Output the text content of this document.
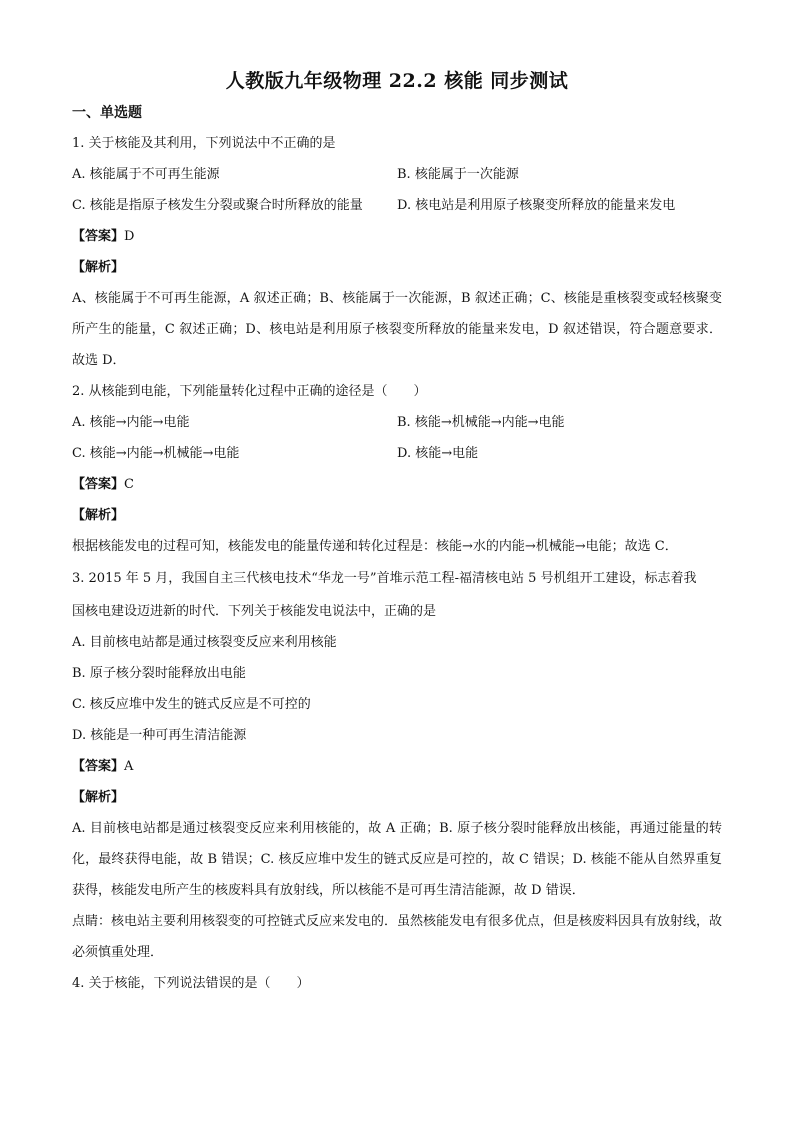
人教版九年级物理 22.2 核能 同步测试
一、单选题
1. 关于核能及其利用，下列说法中不正确的是
A. 核能属于不可再生能源	B. 核能属于一次能源
C. 核能是指原子核发生分裂或聚合时所释放的能量	D. 核电站是利用原子核聚变所释放的能量来发电
【答案】D
【解析】
A、核能属于不可再生能源，A 叙述正确；B、核能属于一次能源，B 叙述正确；C、核能是重核裂变或轻核聚变所产生的能量，C 叙述正确；D、核电站是利用原子核裂变所释放的能量来发电，D 叙述错误，符合题意要求．故选 D．
2. 从核能到电能，下列能量转化过程中正确的途径是（　　）
A. 核能→内能→电能	B. 核能→机械能→内能→电能
C. 核能→内能→机械能→电能	D. 核能→电能
【答案】C
【解析】
根据核能发电的过程可知，核能发电的能量传递和转化过程是：核能→水的内能→机械能→电能；故选 C．
3. 2015 年 5 月，我国自主三代核电技术“华龙一号”首堆示范工程-福清核电站 5 号机组开工建设，标志着我
国核电建设迈进新的时代．下列关于核能发电说法中，正确的是
A. 目前核电站都是通过核裂变反应来利用核能
B. 原子核分裂时能释放出电能
C. 核反应堆中发生的链式反应是不可控的
D. 核能是一种可再生清洁能源
【答案】A
【解析】
A. 目前核电站都是通过核裂变反应来利用核能的，故 A 正确；B. 原子核分裂时能释放出核能，再通过能量的转化，最终获得电能，故 B 错误；C. 核反应堆中发生的链式反应是可控的，故 C 错误；D. 核能不能从自然界重复获得，核能发电所产生的核废料具有放射线，所以核能不是可再生清洁能源，故 D 错误．
点睛：核电站主要利用核裂变的可控链式反应来发电的．虽然核能发电有很多优点，但是核废料因具有放射线，故必须慎重处理．
4. 关于核能，下列说法错误的是（　　）
